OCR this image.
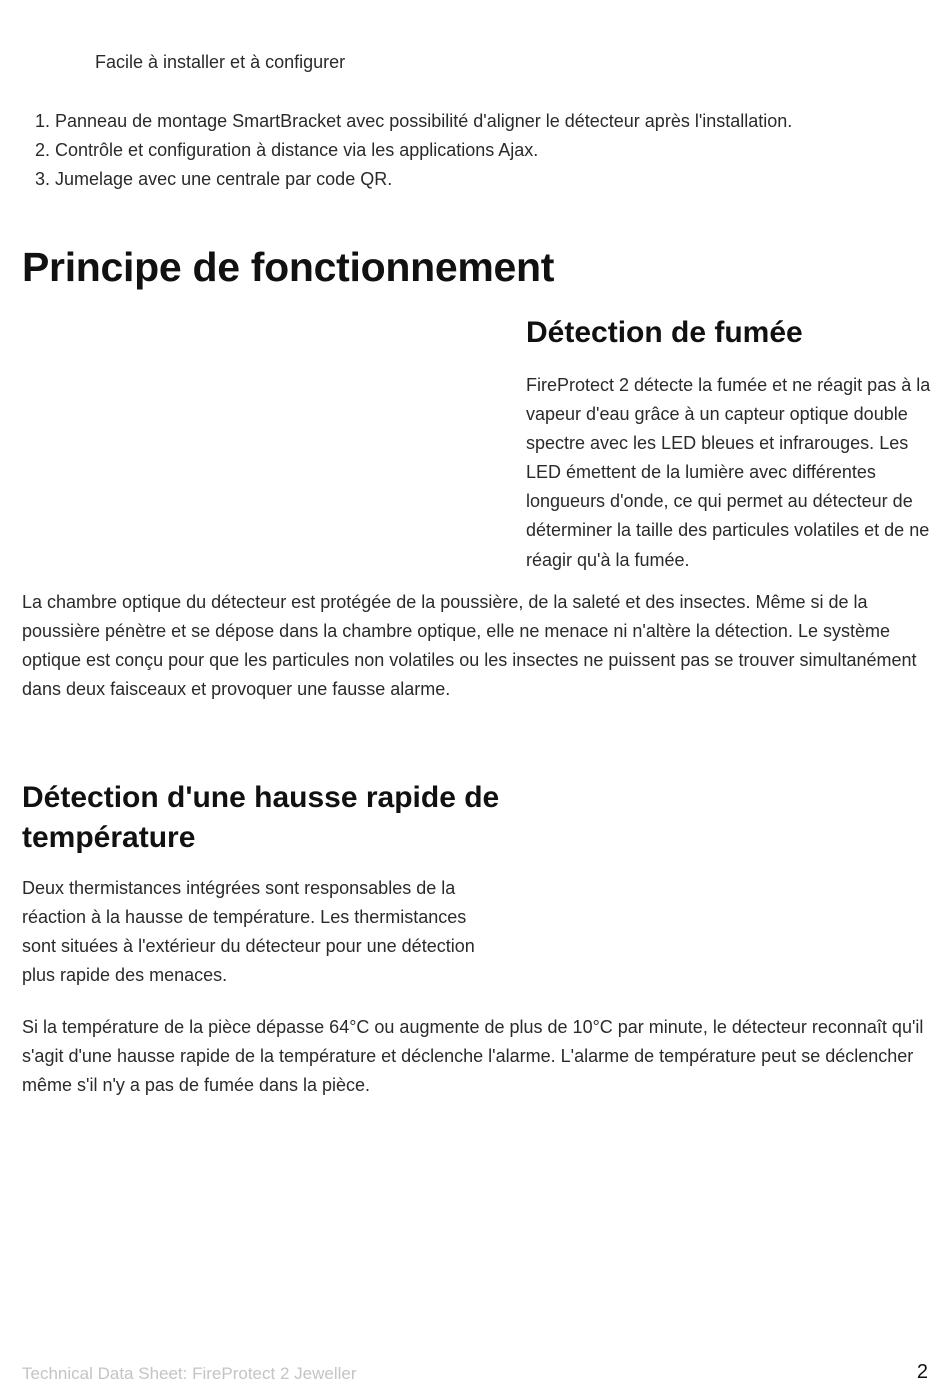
Facile à installer et à configurer

1. Panneau de montage SmartBracket avec possibilité d'aligner le détecteur après l'installation.
2. Contrôle et configuration à distance via les applications Ajax.
3. Jumelage avec une centrale par code QR.
Principe de fonctionnement
Détection de fumée

FireProtect 2 détecte la fumée et ne réagit pas à la vapeur d'eau grâce à un capteur optique double spectre avec les LED bleues et infrarouges. Les LED émettent de la lumière avec différentes longueurs d'onde, ce qui permet au détecteur de déterminer la taille des particules volatiles et de ne réagir qu'à la fumée.

La chambre optique du détecteur est protégée de la poussière, de la saleté et des insectes. Même si de la poussière pénètre et se dépose dans la chambre optique, elle ne menace ni n'altère la détection. Le système optique est conçu pour que les particules non volatiles ou les insectes ne puissent pas se trouver simultanément dans deux faisceaux et provoquer une fausse alarme.

Détection d'une hausse rapide de température

Deux thermistances intégrées sont responsables de la réaction à la hausse de température. Les thermistances sont situées à l'extérieur du détecteur pour une détection plus rapide des menaces.

Si la température de la pièce dépasse 64°C ou augmente de plus de 10°C par minute, le détecteur reconnaît qu'il s'agit d'une hausse rapide de la température et déclenche l'alarme. L'alarme de température peut se déclencher même s'il n'y a pas de fumée dans la pièce.

Technical Data Sheet: FireProtect 2 Jeweller	2
